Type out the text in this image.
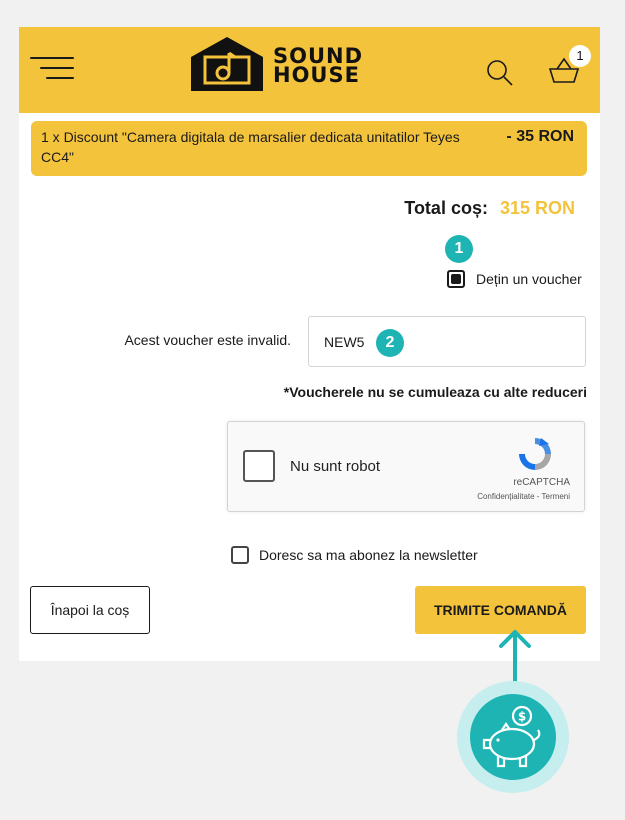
SOUND
HOUSE
1
1 x Discount "Camera digitala de marsalier dedicata unitatilor Teyes CC4"
- 35 RON
Total coș: 315 RON
Dețin un voucher
Acest voucher este invalid.
NEW5
*Voucherele nu se cumuleaza cu alte reduceri
Nu sunt robot
reCAPTCHA
Confidențialitate - Termeni
Doresc sa ma abonez la newsletter
Înapoi la coș	TRIMITE COMANDĂ
1
2
$
